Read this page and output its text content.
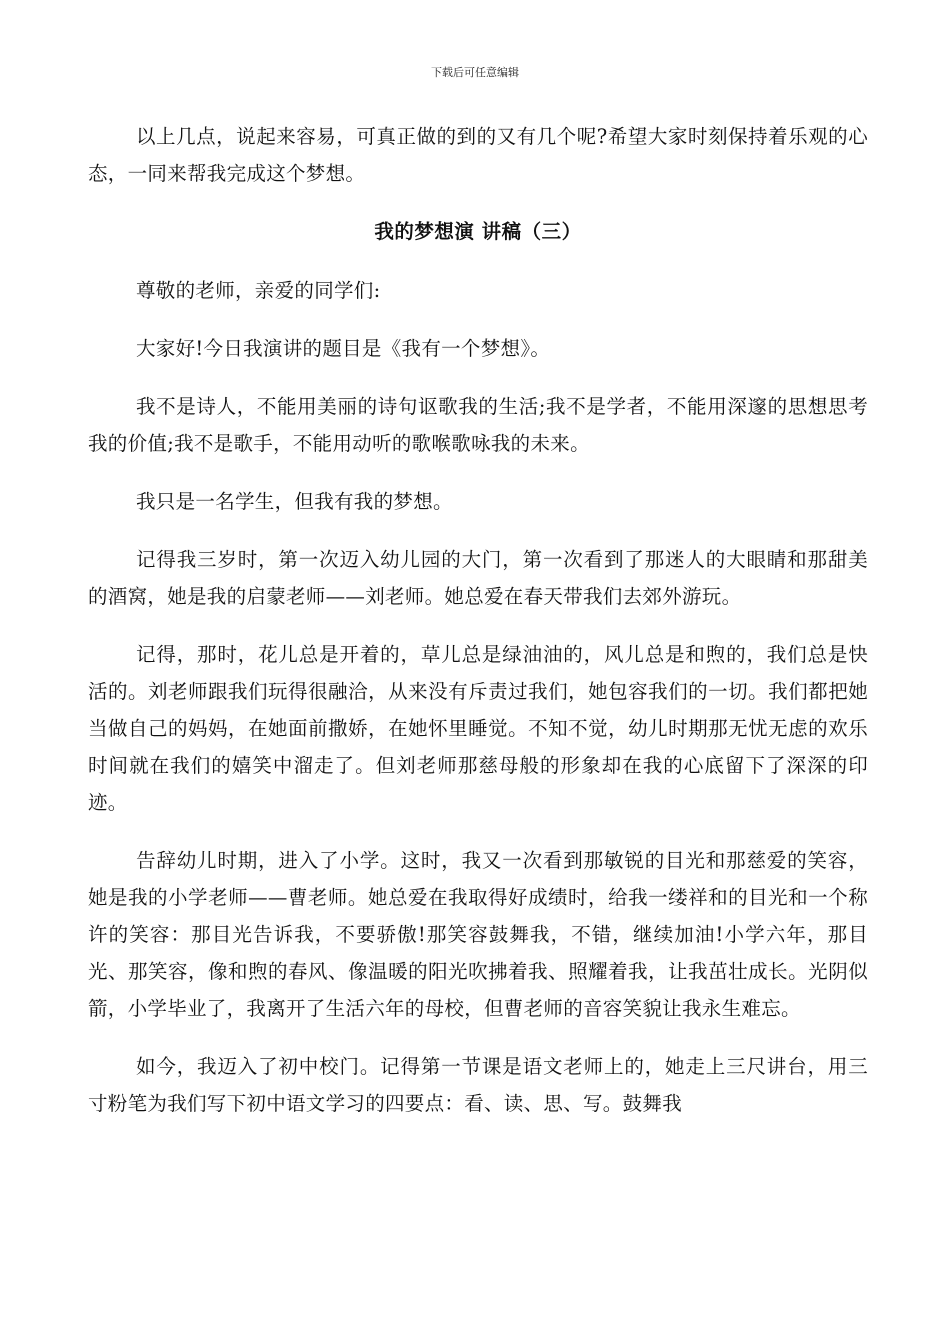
下载后可任意编辑

以上几点，说起来容易，可真正做的到的又有几个呢?希望大家时刻保持着乐观的心态，一同来帮我完成这个梦想。

我的梦想演 讲稿（三）

尊敬的老师，亲爱的同学们:

大家好!今日我演讲的题目是《我有一个梦想》。

我不是诗人，不能用美丽的诗句讴歌我的生活;我不是学者，不能用深邃的思想思考我的价值;我不是歌手，不能用动听的歌喉歌咏我的未来。

我只是一名学生，但我有我的梦想。

记得我三岁时，第一次迈入幼儿园的大门，第一次看到了那迷人的大眼睛和那甜美的酒窝，她是我的启蒙老师——刘老师。她总爱在春天带我们去郊外游玩。

记得，那时，花儿总是开着的，草儿总是绿油油的，风儿总是和煦的，我们总是快活的。刘老师跟我们玩得很融洽，从来没有斥责过我们，她包容我们的一切。我们都把她当做自己的妈妈，在她面前撒娇，在她怀里睡觉。不知不觉，幼儿时期那无忧无虑的欢乐时间就在我们的嬉笑中溜走了。但刘老师那慈母般的形象却在我的心底留下了深深的印迹。

告辞幼儿时期，进入了小学。这时，我又一次看到那敏锐的目光和那慈爱的笑容，她是我的小学老师——曹老师。她总爱在我取得好成绩时，给我一缕祥和的目光和一个称许的笑容：那目光告诉我，不要骄傲!那笑容鼓舞我，不错，继续加油!小学六年，那目光、那笑容，像和煦的春风、像温暖的阳光吹拂着我、照耀着我，让我茁壮成长。光阴似箭，小学毕业了，我离开了生活六年的母校，但曹老师的音容笑貌让我永生难忘。

如今，我迈入了初中校门。记得第一节课是语文老师上的，她走上三尺讲台，用三寸粉笔为我们写下初中语文学习的四要点：看、读、思、写。鼓舞我
